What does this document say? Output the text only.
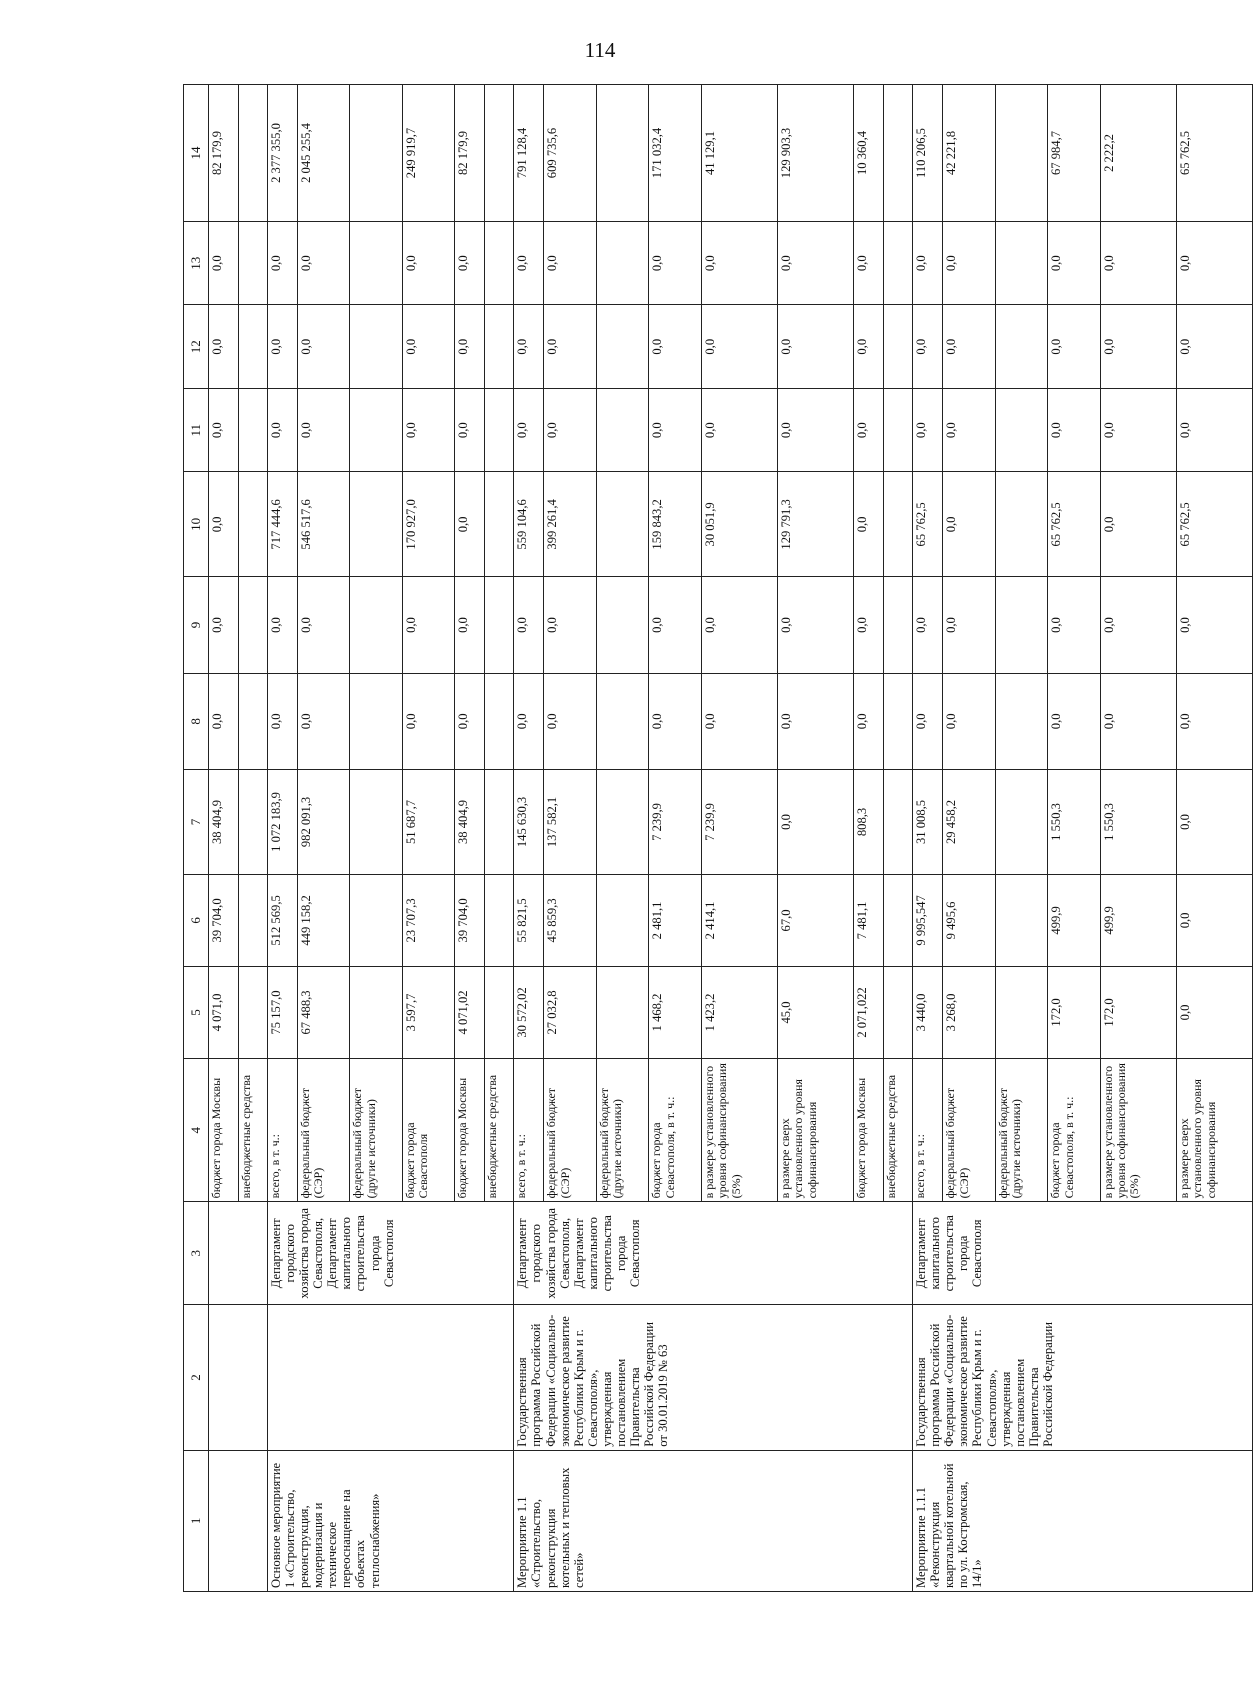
114
1	2	3	4	5	6	7	8	9	10	11	12	13	14
			бюджет города Москвы	4 071,0	39 704,0	38 404,9	0,0	0,0	0,0	0,0	0,0	0,0	82 179,9
			внебюджетные средства										
Основное мероприятие 1 «Строительство, реконструкция, модернизация и техническое переоснащение на объектах теплоснабжения»		Департамент городского хозяйства города Севастополя, Департамент капитального строительства города Севастополя	всего, в т. ч.:	75 157,0	512 569,5	1 072 183,9	0,0	0,0	717 444,6	0,0	0,0	0,0	2 377 355,0
			федеральный бюджет (СЭР)	67 488,3	449 158,2	982 091,3	0,0	0,0	546 517,6	0,0	0,0	0,0	2 045 255,4
			федеральный бюджет (другие источники)										
			бюджет города Севастополя	3 597,7	23 707,3	51 687,7	0,0	0,0	170 927,0	0,0	0,0	0,0	249 919,7
			бюджет города Москвы	4 071,02	39 704,0	38 404,9	0,0	0,0	0,0	0,0	0,0	0,0	82 179,9
			внебюджетные средства										
Мероприятие 1.1 «Строительство, реконструкция котельных и тепловых сетей»	Государственная программа Российской Федерации «Социально-экономическое развитие Республики Крым и г. Севастополя», утвержденная постановлением Правительства Российской Федерации от 30.01.2019 № 63	Департамент городского хозяйства города Севастополя, Департамент капитального строительства города Севастополя	всего, в т. ч.:	30 572,02	55 821,5	145 630,3	0,0	0,0	559 104,6	0,0	0,0	0,0	791 128,4
			федеральный бюджет (СЭР)	27 032,8	45 859,3	137 582,1	0,0	0,0	399 261,4	0,0	0,0	0,0	609 735,6
			федеральный бюджет (другие источники)										
			бюджет города Севастополя, в т. ч.:	1 468,2	2 481,1	7 239,9	0,0	0,0	159 843,2	0,0	0,0	0,0	171 032,4
			в размере установленного уровня софинансирования (5%)	1 423,2	2 414,1	7 239,9	0,0	0,0	30 051,9	0,0	0,0	0,0	41 129,1
			в размере сверх установленного уровня софинансирования	45,0	67,0	0,0	0,0	0,0	129 791,3	0,0	0,0	0,0	129 903,3
			бюджет города Москвы	2 071,022	7 481,1	808,3	0,0	0,0	0,0	0,0	0,0	0,0	10 360,4
			внебюджетные средства										
Мероприятие 1.1.1 «Реконструкция квартальной котельной по ул. Костромская, 14/1»	Государственная программа Российской Федерации «Социально-экономическое развитие Республики Крым и г. Севастополя», утвержденная постановлением Правительства Российской Федерации	Департамент капитального строительства города Севастополя	всего, в т. ч.:	3 440,0	9 995,547	31 008,5	0,0	0,0	65 762,5	0,0	0,0	0,0	110 206,5
			федеральный бюджет (СЭР)	3 268,0	9 495,6	29 458,2	0,0	0,0	0,0	0,0	0,0	0,0	42 221,8
			федеральный бюджет (другие источники)										
			бюджет города Севастополя, в т. ч.:	172,0	499,9	1 550,3	0,0	0,0	65 762,5	0,0	0,0	0,0	67 984,7
			в размере установленного уровня софинансирования (5%)	172,0	499,9	1 550,3	0,0	0,0	0,0	0,0	0,0	0,0	2 222,2
			в размере сверх установленного уровня софинансирования	0,0	0,0	0,0	0,0	0,0	65 762,5	0,0	0,0	0,0	65 762,5
